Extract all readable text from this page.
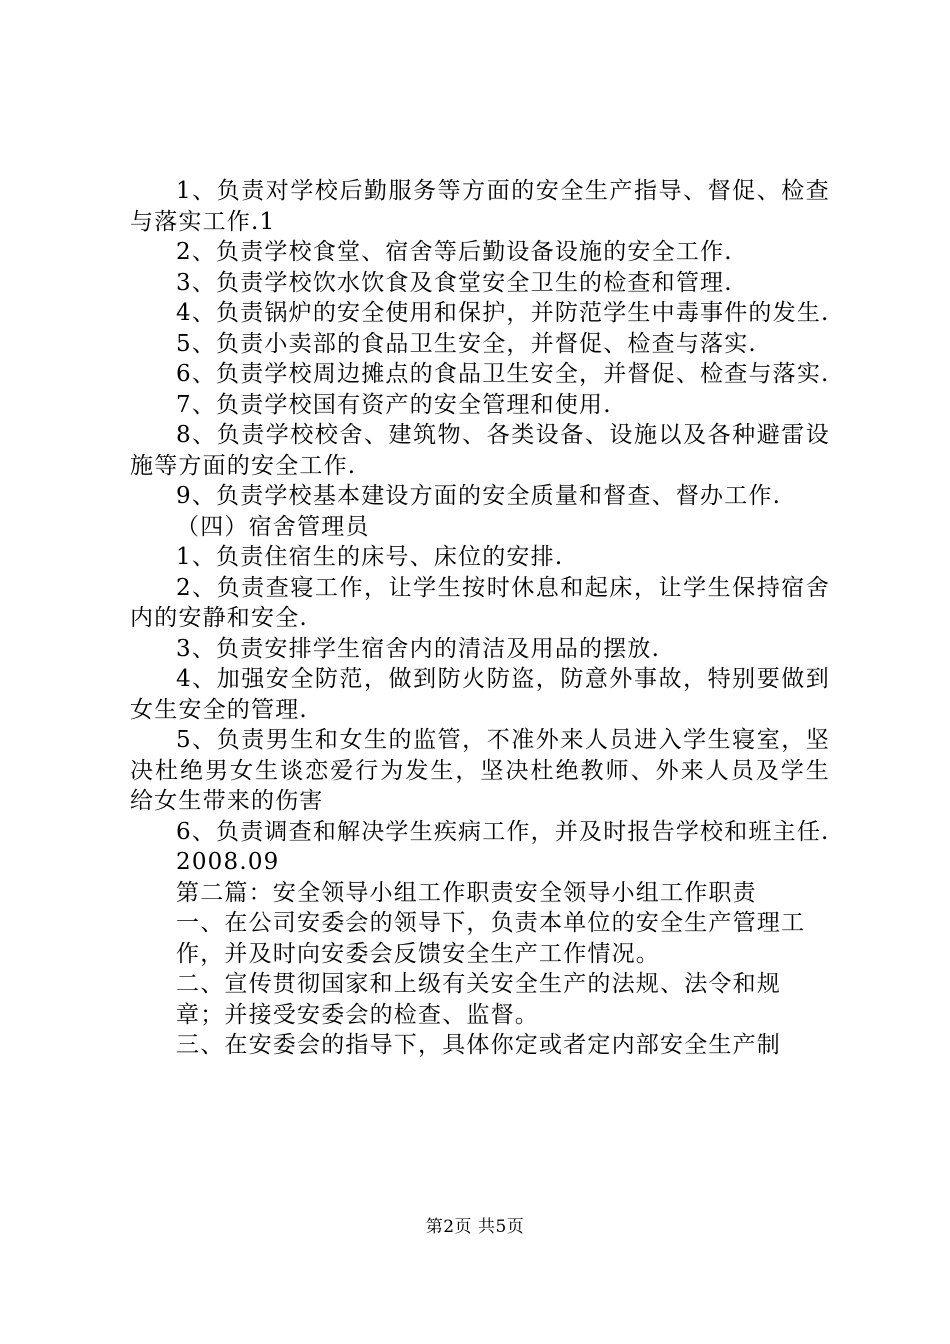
1、负责对学校后勤服务等方面的安全生产指导、督促、检查与落实工作.1

2、负责学校食堂、宿舍等后勤设备设施的安全工作.

3、负责学校饮水饮食及食堂安全卫生的检查和管理.

4、负责锅炉的安全使用和保护，并防范学生中毒事件的发生.

5、负责小卖部的食品卫生安全，并督促、检查与落实.

6、负责学校周边摊点的食品卫生安全，并督促、检查与落实.

7、负责学校国有资产的安全管理和使用.

8、负责学校校舍、建筑物、各类设备、设施以及各种避雷设施等方面的安全工作.

9、负责学校基本建设方面的安全质量和督查、督办工作.

（四）宿舍管理员

1、负责住宿生的床号、床位的安排.

2、负责查寝工作，让学生按时休息和起床，让学生保持宿舍内的安静和安全.

3、负责安排学生宿舍内的清洁及用品的摆放.

4、加强安全防范，做到防火防盗，防意外事故，特别要做到女生安全的管理.

5、负责男生和女生的监管，不准外来人员进入学生寝室，坚决杜绝男女生谈恋爱行为发生，坚决杜绝教师、外来人员及学生给女生带来的伤害

6、负责调查和解决学生疾病工作，并及时报告学校和班主任.

2008.09

第二篇：安全领导小组工作职责安全领导小组工作职责

一、在公司安委会的领导下，负责本单位的安全生产管理工

作，并及时向安委会反馈安全生产工作情况。

二、宣传贯彻国家和上级有关安全生产的法规、法令和规

章；并接受安委会的检查、监督。

三、在安委会的指导下，具体你定或者定内部安全生产制

第2页 共5页
